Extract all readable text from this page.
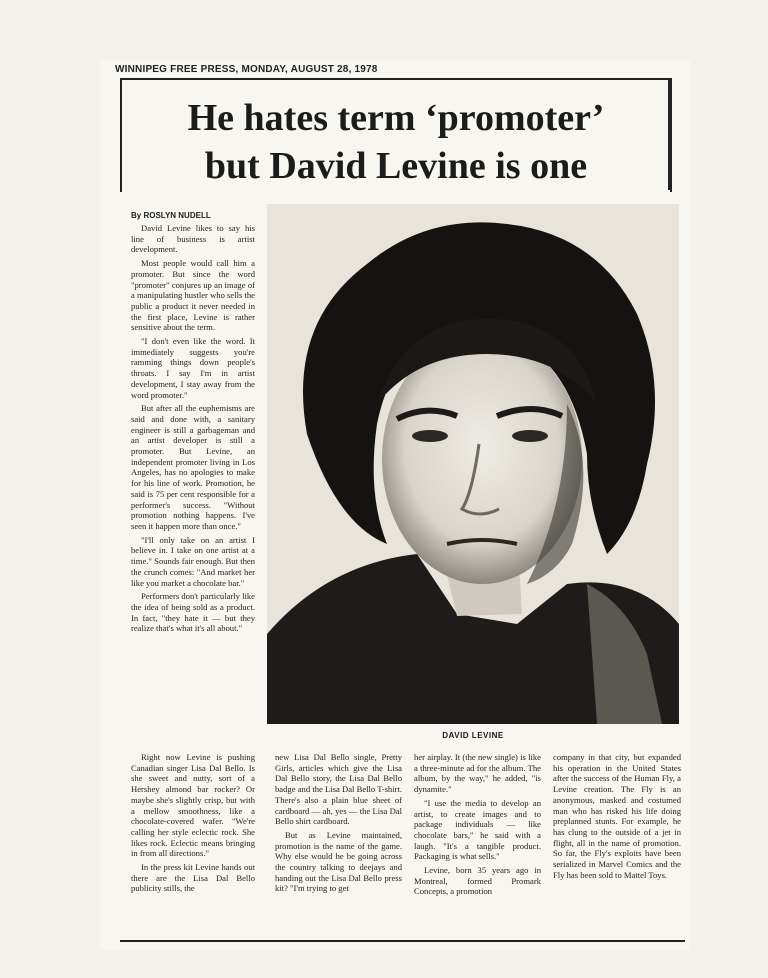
WINNIPEG FREE PRESS, MONDAY, AUGUST 28, 1978
He hates term ‘promoter’
but David Levine is one
By ROSLYN NUDELL

David Levine likes to say his line of business is artist development.

Most people would call him a promoter. But since the word "promoter" conjures up an image of a manipulating hustler who sells the public a product it never needed in the first place, Levine is rather sensitive about the term.

"I don't even like the word. It immediately suggests you're ramming things down people's throats. I say I'm in artist development, I stay away from the word promoter."

But after all the euphemisms are said and done with, a sanitary engineer is still a garbageman and an artist developer is still a promoter. But Levine, an independent promoter living in Los Angeles, has no apologies to make for his line of work. Promotion, he said is 75 per cent responsible for a performer's success. "Without promotion nothing happens. I've seen it happen more than once."

"I'll only take on an artist I believe in. I take on one artist at a time." Sounds fair enough. But then the crunch comes: "And market her like you market a chocolate bar."

Performers don't particularly like the idea of being sold as a product. In fact, "they hate it — but they realize that's what it's all about."

DAVID LEVINE

Right now Levine is pushing Canadian singer Lisa Dal Bello. Is she sweet and nutty, sort of a Hershey almond bar rocker? Or maybe she's slightly crisp, but with a mellow smoothness, like a chocolate-covered wafer. "We're calling her style eclectic rock. She likes rock. Eclectic means bringing in from all directions."

In the press kit Levine hands out there are the Lisa Dal Bello publicity stills, the

new Lisa Dal Bello single, Pretty Girls, articles which give the Lisa Dal Bello story, the Lisa Dal Bello badge and the Lisa Dal Bello T-shirt. There's also a plain blue sheet of cardboard — ah, yes — the Lisa Dal Bello shirt cardboard.

But as Levine maintained, promotion is the name of the game. Why else would he be going across the country talking to deejays and handing out the Lisa Dal Bello press kit? "I'm trying to get

her airplay. It (the new single) is like a three-minute ad for the album. The album, by the way," he added, "is dynamite."

"I use the media to develop an artist, to create images and to package individuals — like chocolate bars," he said with a laugh. "It's a tangible product. Packaging is what sells."

Levine, born 35 years ago in Montreal, formed Promark Concepts, a promotion

company in that city, but expanded his operation in the United States after the success of the Human Fly, a Levine creation. The Fly is an anonymous, masked and costumed man who has risked his life doing preplanned stunts. For example, he has clung to the outside of a jet in flight, all in the name of promotion. So far, the Fly's exploits have been serialized in Marvel Comics and the Fly has been sold to Mattel Toys.
